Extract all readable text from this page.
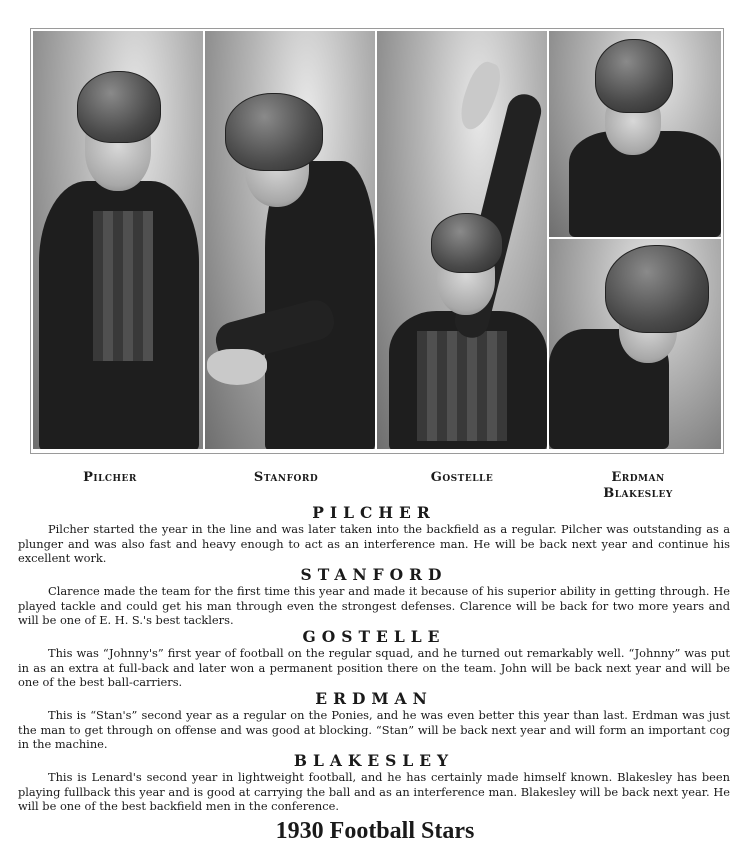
Pilcher	Stanford	Gostelle	Erdman
Blakesley
PILCHER

Pilcher started the year in the line and was later taken into the backfield as a regular. Pilcher was outstanding as a plunger and was also fast and heavy enough to act as an interference man. He will be back next year and continue his excellent work.

STANFORD

Clarence made the team for the first time this year and made it because of his superior ability in getting through. He played tackle and could get his man through even the strongest defenses. Clarence will be back for two more years and will be one of E. H. S.'s best tacklers.

GOSTELLE

This was “Johnny's” first year of football on the regular squad, and he turned out remarkably well. “Johnny” was put in as an extra at full-back and later won a permanent position there on the team. John will be back next year and will be one of the best ball-carriers.

ERDMAN

This is “Stan's” second year as a regular on the Ponies, and he was even better this year than last. Erdman was just the man to get through on offense and was good at blocking. “Stan” will be back next year and will form an important cog in the machine.

BLAKESLEY

This is Lenard's second year in lightweight football, and he has certainly made himself known. Blakesley has been playing fullback this year and is good at carrying the ball and as an interference man. Blakesley will be back next year. He will be one of the best backfield men in the conference.

1930 Football Stars
